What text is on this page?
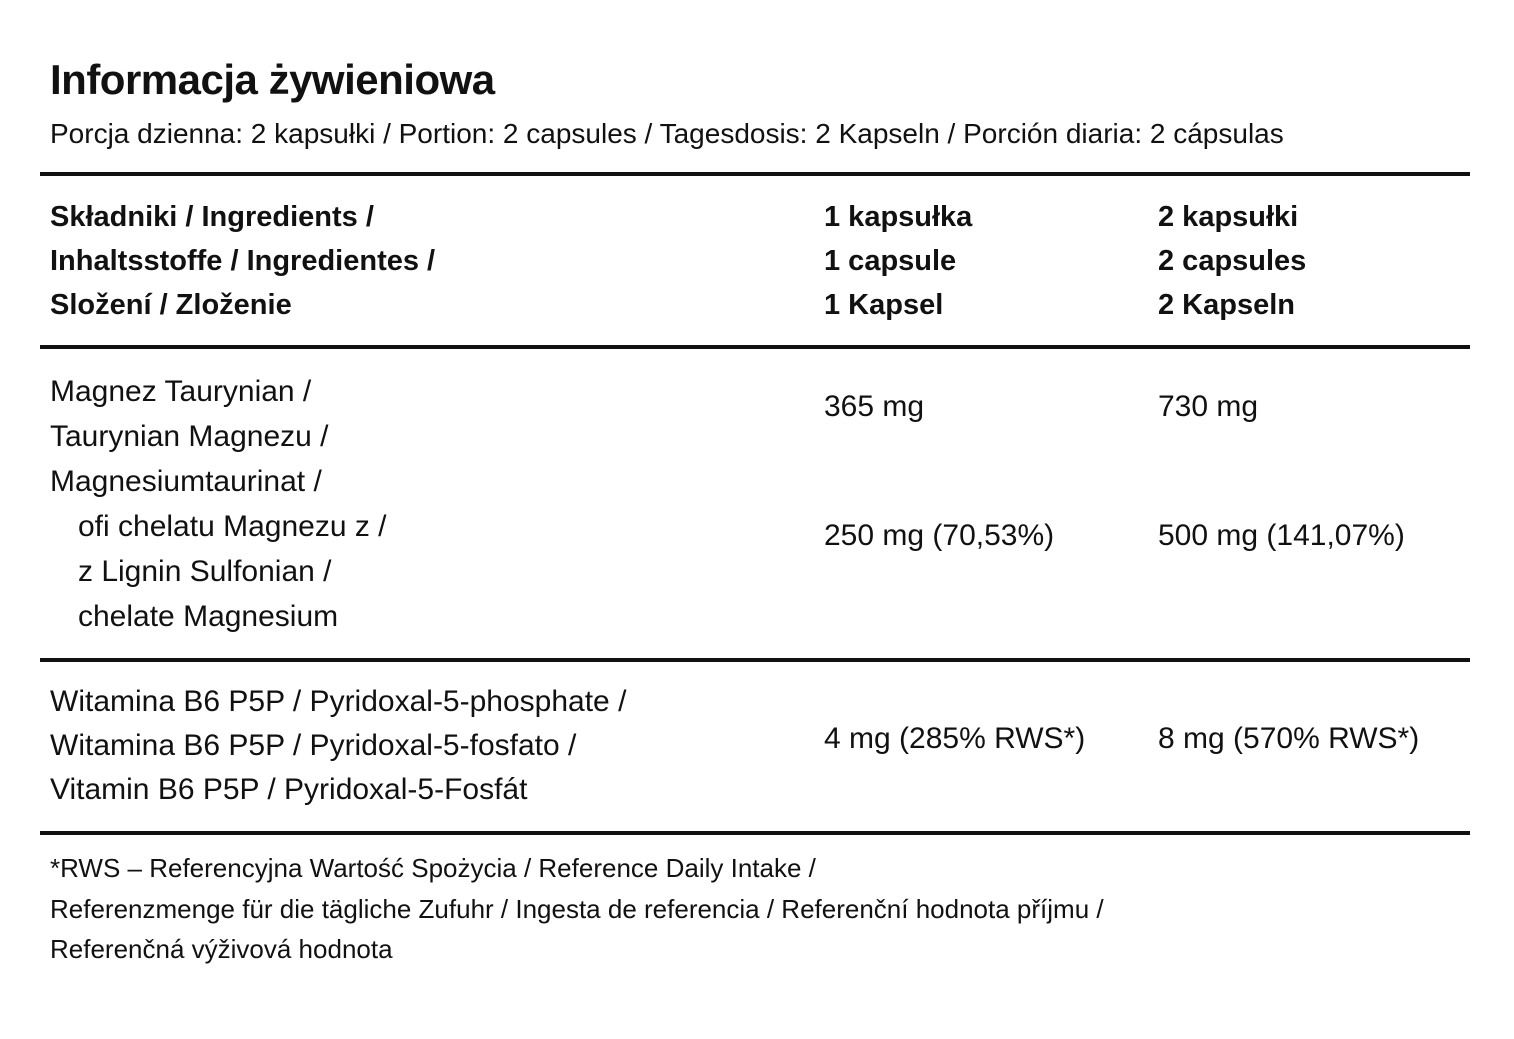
Informacja żywieniowa
Porcja dzienna: 2 kapsułki / Portion: 2 capsules / Tagesdosis: 2 Kapseln / Porción diaria: 2 cápsulas
Składniki / Ingredients /
Inhaltsstoffe / Ingredientes /
Složení / Zloženie
1 kapsułka
1 capsule
1 Kapsel
2 kapsułki
2 capsules
2 Kapseln
Magnez Taurynian /
Taurynian Magnezu /
Magnesiumtaurinat /
365 mg	730 mg
ofi chelatu Magnezu z /
z Lignin Sulfonian /
chelate Magnesium
250 mg (70,53%)	500 mg (141,07%)
Witamina B6 P5P / Pyridoxal-5-phosphate /
Witamina B6 P5P / Pyridoxal-5-fosfato /
Vitamin B6 P5P / Pyridoxal-5-Fosfát
4 mg (285% RWS*) 8 mg (570% RWS*)
*RWS – Referencyjna Wartość Spożycia / Reference Daily Intake /
Referenzmenge für die tägliche Zufuhr / Ingesta de referencia / Referenční hodnota příjmu /
Referenčná výživová hodnota
